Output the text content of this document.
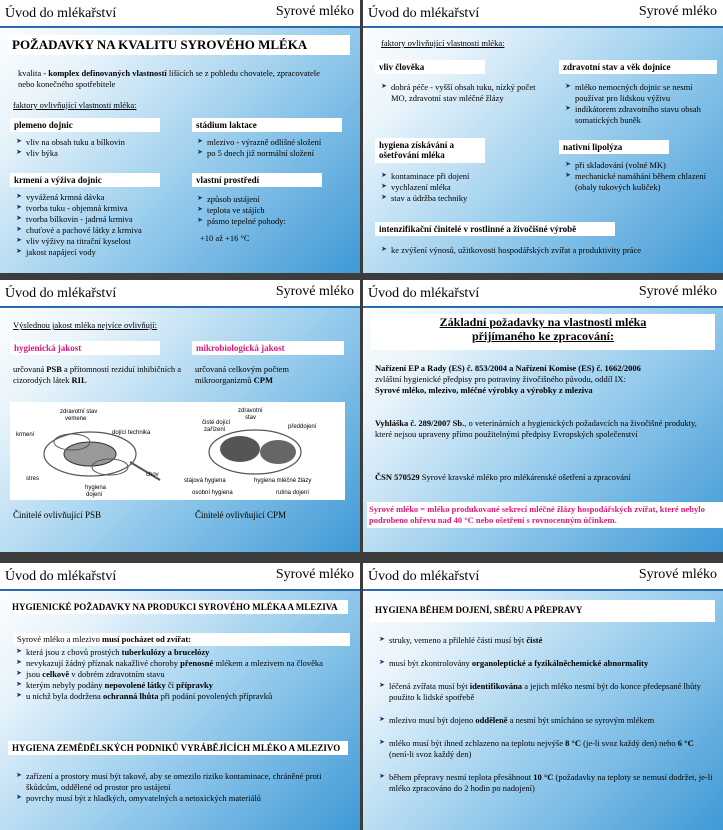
Úvod do mlékařství	Syrové mléko
POŽADAVKY NA KVALITU SYROVÉHO MLÉKA
kvalita - komplex definovaných vlastností lišících se z pohledu chovatele, zpracovatele nebo konečného spotřebitele
faktory ovlivňující vlastnosti mléka:
plemeno dojnic
➤ vliv na obsah tuku a bílkovin
➤ vliv býka
stádium laktace
➤ mlezivo - výrazně odlišné složení
➤ po 5 dnech již normální složení
krmení a výživa dojnic
➤ vyvážená krmná dávka
➤ tvorba tuku - objemná krmiva
➤ tvorba bílkovin - jadrná krmiva
➤ chuťové a pachové látky z krmiva
➤ vliv výživy na titrační kyselost
➤ jakost napájecí vody
vlastní prostředí
➤ způsob ustájení
➤ teplota ve stájích
➤ pásmo tepelné pohody:
+10 až +16 °C
Úvod do mlékařství	Syrové mléko
faktory ovlivňující vlastnosti mléka:
vliv člověka
➤ dobrá péče - vyšší obsah tuku, nízký počet MO, zdravotní stav mléčné žlázy
zdravotní stav a věk dojnice
➤ mléko nemocných dojnic se nesmí používat pro lidskou výživu
➤ indikátorem zdravotního stavu obsah somatických buněk
hygiena získávání a ošetřování mléka
➤ kontaminace při dojení
➤ vychlazení mléka
➤ stav a údržba techniky
nativní lipolýza
➤ při skladování (volné MK)
➤ mechanické namáhání během chlazení (obaly tukových kuliček)
intenzifikační činitelé v rostlinné a živočišné výrobě
➤ ke zvýšení výnosů, užitkovosti hospodářských zvířat a produktivity práce
Úvod do mlékařství	Syrové mléko
Výslednou jakost mléka nejvíce ovlivňují:
hygienická jakost
určovaná PSB a přítomností reziduí inhibičních a cizorodých látek RIL
mikrobiologická jakost
určovaná celkovým počtem mikroorganizmů CPM
zdravotní stav
vemene
krmení	dojící technika
stres
chov
hygiena
dojení
zdravotní
stav
čisté dojící
zařízení	předdojení
stájová hygiena	hygiena mléčné žlázy
osobní hygiena	rutina dojení
Činitelé ovlivňující PSB	Činitelé ovlivňující CPM
Úvod do mlékařství	Syrové mléko
Základní požadavky na vlastnosti mléka přijímaného ke zpracování:
Nařízení EP a Rady (ES) č. 853/2004 a Nařízení Komise (ES) č. 1662/2006
zvláštní hygienické předpisy pro potraviny živočišného původu, oddíl IX:
Syrové mléko, mlezivo, mléčné výrobky a výrobky z mleziva
Vyhláška č. 289/2007 Sb., o veterinárních a hygienických požadavcích na živočišné produkty, které nejsou upraveny přímo použitelnými předpisy Evropských společenství
ČSN 570529 Syrové kravské mléko pro mlékárenské ošetření a zpracování
Syrové mléko = mléko produkované sekrecí mléčné žlázy hospodářských zvířat, které nebylo podrobeno ohřevu nad 40 °C nebo ošetření s rovnocenným účinkem.
Úvod do mlékařství	Syrové mléko
HYGIENICKÉ POŽADAVKY NA PRODUKCI SYROVÉHO MLÉKA A MLEZIVA
Syrové mléko a mlezivo musí pocházet od zvířat:
➤ která jsou z chovů prostých tuberkulózy a brucelózy
➤ nevykazují žádný příznak nakažlivé choroby přenosné mlékem a mlezivem na člověka
➤ jsou celkově v dobrém zdravotním stavu
➤ kterým nebyly podány nepovolené látky či přípravky
➤ u nichž byla dodržena ochranná lhůta při podání povolených přípravků
HYGIENA ZEMĚDĚLSKÝCH PODNIKŮ VYRÁBĚJÍCÍCH MLÉKO A MLEZIVO
➤ zařízení a prostory musí být takové, aby se omezilo riziko kontaminace, chráněné proti škůdcům, oddělené od prostor pro ustájení
➤ povrchy musí být z hladkých, omyvatelných a netoxických materiálů
Úvod do mlékařství	Syrové mléko
HYGIENA BĚHEM DOJENÍ, SBĚRU A PŘEPRAVY
➤ struky, vemeno a přilehlé části musí být čisté
➤ musí být zkontrolovány organoleptické a fyzikálněchemické abnormality
➤ léčená zvířata musí být identifikována a jejich mléko nesmí být do konce předepsané lhůty použito k lidské spotřebě
➤ mlezivo musí být dojeno odděleně a nesmí být smícháno se syrovým mlékem
➤ mléko musí být ihned zchlazeno na teplotu nejvýše 8 °C (je-li svoz každý den) nebo 6 °C (není-li svoz každý den)
➤ během přepravy nesmí teplota přesáhnout 10 °C (požadavky na teploty se nemusí dodržet, je-li mléko zpracováno do 2 hodin po nadojení)
